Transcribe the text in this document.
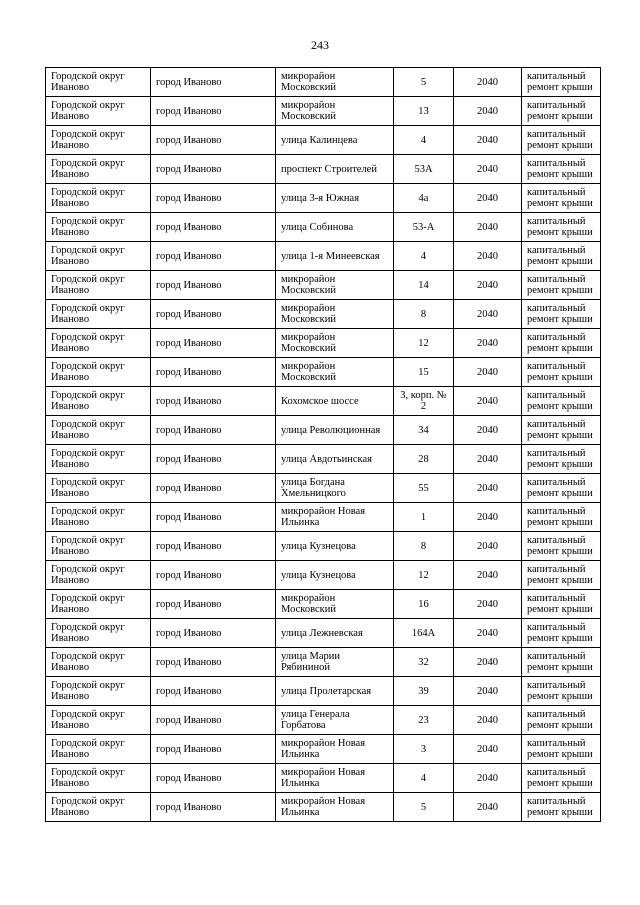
243
Городской округ Иваново	город Иваново	микрорайон Московский	5	2040	капитальный ремонт крыши
Городской округ Иваново	город Иваново	микрорайон Московский	13	2040	капитальный ремонт крыши
Городской округ Иваново	город Иваново	улица Калинцева	4	2040	капитальный ремонт крыши
Городской округ Иваново	город Иваново	проспект Строителей	53А	2040	капитальный ремонт крыши
Городской округ Иваново	город Иваново	улица 3-я Южная	4а	2040	капитальный ремонт крыши
Городской округ Иваново	город Иваново	улица Собинова	53-А	2040	капитальный ремонт крыши
Городской округ Иваново	город Иваново	улица 1-я Минеевская	4	2040	капитальный ремонт крыши
Городской округ Иваново	город Иваново	микрорайон Московский	14	2040	капитальный ремонт крыши
Городской округ Иваново	город Иваново	микрорайон Московский	8	2040	капитальный ремонт крыши
Городской округ Иваново	город Иваново	микрорайон Московский	12	2040	капитальный ремонт крыши
Городской округ Иваново	город Иваново	микрорайон Московский	15	2040	капитальный ремонт крыши
Городской округ Иваново	город Иваново	Кохомское шоссе	3, корп. № 2	2040	капитальный ремонт крыши
Городской округ Иваново	город Иваново	улица Революционная	34	2040	капитальный ремонт крыши
Городской округ Иваново	город Иваново	улица Авдотьинская	28	2040	капитальный ремонт крыши
Городской округ Иваново	город Иваново	улица Богдана Хмельницкого	55	2040	капитальный ремонт крыши
Городской округ Иваново	город Иваново	микрорайон Новая Ильинка	1	2040	капитальный ремонт крыши
Городской округ Иваново	город Иваново	улица Кузнецова	8	2040	капитальный ремонт крыши
Городской округ Иваново	город Иваново	улица Кузнецова	12	2040	капитальный ремонт крыши
Городской округ Иваново	город Иваново	микрорайон Московский	16	2040	капитальный ремонт крыши
Городской округ Иваново	город Иваново	улица Лежневская	164А	2040	капитальный ремонт крыши
Городской округ Иваново	город Иваново	улица Марии Рябининой	32	2040	капитальный ремонт крыши
Городской округ Иваново	город Иваново	улица Пролетарская	39	2040	капитальный ремонт крыши
Городской округ Иваново	город Иваново	улица Генерала Горбатова	23	2040	капитальный ремонт крыши
Городской округ Иваново	город Иваново	микрорайон Новая Ильинка	3	2040	капитальный ремонт крыши
Городской округ Иваново	город Иваново	микрорайон Новая Ильинка	4	2040	капитальный ремонт крыши
Городской округ Иваново	город Иваново	микрорайон Новая Ильинка	5	2040	капитальный ремонт крыши
